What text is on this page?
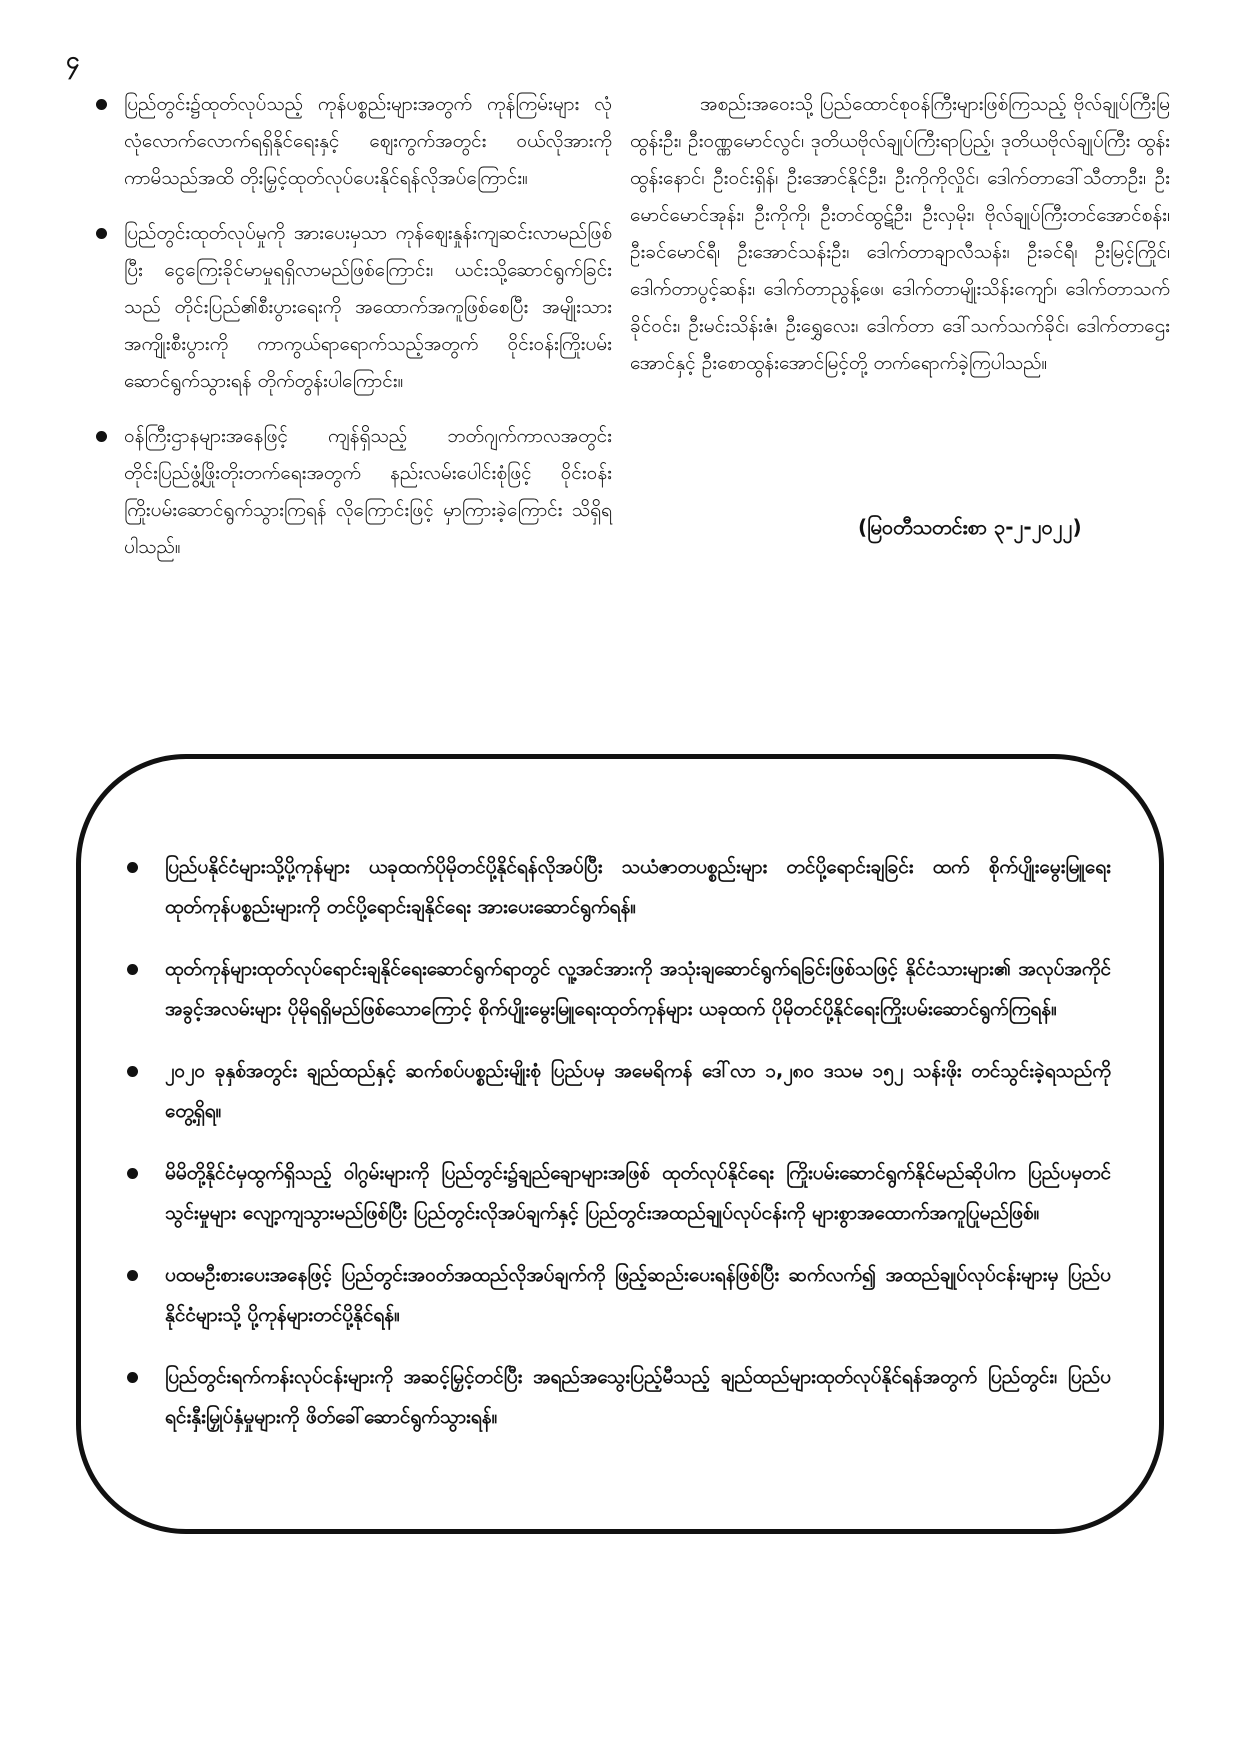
၄
ပြည်တွင်း၌ထုတ်လုပ်သည့် ကုန်ပစ္စည်းများအတွက် ကုန်ကြမ်းများ လုံလုံလောက်လောက်ရရှိနိုင်ရေးနှင့် ဈေးကွက်အတွင်း ဝယ်လိုအားကို ကာမိသည်အထိ တိုးမြှင့်ထုတ်လုပ်ပေးနိုင်ရန်လိုအပ်ကြောင်း။
ပြည်တွင်းထုတ်လုပ်မှုကို အားပေးမှသာ ကုန်ဈေးနှုန်းကျဆင်းလာမည်ဖြစ်ပြီး ငွေကြေးခိုင်မာမှုရရှိလာမည်ဖြစ်ကြောင်း၊ ယင်းသို့ဆောင်ရွက်ခြင်းသည် တိုင်းပြည်၏စီးပွားရေးကို အထောက်အကူဖြစ်စေပြီး အမျိုးသားအကျိုးစီးပွားကို ကာကွယ်ရာရောက်သည့်အတွက် ဝိုင်းဝန်းကြိုးပမ်းဆောင်ရွက်သွားရန် တိုက်တွန်းပါကြောင်း။
ဝန်ကြီးဌာနများအနေဖြင့် ကျန်ရှိသည့် ဘတ်ဂျက်ကာလအတွင်း တိုင်းပြည်ဖွံ့ဖြိုးတိုးတက်ရေးအတွက် နည်းလမ်းပေါင်းစုံဖြင့် ဝိုင်းဝန်းကြိုးပမ်းဆောင်ရွက်သွားကြရန် လိုကြောင်းဖြင့် မှာကြားခဲ့ကြောင်း သိရှိရပါသည်။

အစည်းအဝေးသို့ ပြည်ထောင်စုဝန်ကြီးများဖြစ်ကြသည့် ဗိုလ်ချုပ်ကြီးမြထွန်းဦး၊ ဦးဝဏ္ဏမောင်လွင်၊ ဒုတိယဗိုလ်ချုပ်ကြီးရာပြည့်၊ ဒုတိယဗိုလ်ချုပ်ကြီး ထွန်းထွန်းနောင်၊ ဦးဝင်းရှိန်၊ ဦးအောင်နိုင်ဦး၊ ဦးကိုကိုလှိုင်၊ ဒေါက်တာဒေါ်သီတာဦး၊ ဦးမောင်မောင်အုန်း၊ ဦးကိုကို၊ ဦးတင်ထွဋ်ဦး၊ ဦးလှမိုး၊ ဗိုလ်ချုပ်ကြီးတင်အောင်စန်း၊ ဦးခင်မောင်ရီ၊ ဦးအောင်သန်းဦး၊ ဒေါက်တာချာလီသန်း၊ ဦးခင်ရီ၊ ဦးမြင့်ကြိုင်၊ ဒေါက်တာပွင့်ဆန်း၊ ဒေါက်တာညွန့်ဖေ၊ ဒေါက်တာမျိုးသိန်းကျော်၊ ဒေါက်တာသက်ခိုင်ဝင်း၊ ဦးမင်းသိန်းဇံ၊ ဦးရွှေလေး၊ ဒေါက်တာ ဒေါ်သက်သက်ခိုင်၊ ဒေါက်တာဌေးအောင်နှင့် ဦးစောထွန်းအောင်မြင့်တို့ တက်ရောက်ခဲ့ကြပါသည်။

(မြဝတီသတင်းစာ ၃-၂-၂၀၂၂)
ပြည်ပနိုင်ငံများသို့ပို့ကုန်များ ယခုထက်ပိုမိုတင်ပို့နိုင်ရန်လိုအပ်ပြီး သယံဇာတပစ္စည်းများ တင်ပို့ရောင်းချခြင်း ထက် စိုက်ပျိုးမွေးမြူရေးထုတ်ကုန်ပစ္စည်းများကို တင်ပို့ရောင်းချနိုင်ရေး အားပေးဆောင်ရွက်ရန်။
ထုတ်ကုန်များထုတ်လုပ်ရောင်းချနိုင်ရေးဆောင်ရွက်ရာတွင် လူ့အင်အားကို အသုံးချဆောင်ရွက်ရခြင်းဖြစ်သဖြင့် နိုင်ငံသားများ၏ အလုပ်အကိုင်အခွင့်အလမ်းများ ပိုမိုရရှိမည်ဖြစ်သောကြောင့် စိုက်ပျိုးမွေးမြူရေးထုတ်ကုန်များ ယခုထက် ပိုမိုတင်ပို့နိုင်ရေးကြိုးပမ်းဆောင်ရွက်ကြရန်။
၂၀၂၀ ခုနှစ်အတွင်း ချည်ထည်နှင့် ဆက်စပ်ပစ္စည်းမျိုးစုံ ပြည်ပမှ အမေရိကန် ဒေါ်လာ ၁,၂၈၀ ဒသမ ၁၅၂ သန်းဖိုး တင်သွင်းခဲ့ရသည်ကို တွေ့ရှိရ။
မိမိတို့နိုင်ငံမှထွက်ရှိသည့် ဝါဂွမ်းများကို ပြည်တွင်း၌ချည်ချောများအဖြစ် ထုတ်လုပ်နိုင်ရေး ကြိုးပမ်းဆောင်ရွက်နိုင်မည်ဆိုပါက ပြည်ပမှတင်သွင်းမှုများ လျော့ကျသွားမည်ဖြစ်ပြီး ပြည်တွင်းလိုအပ်ချက်နှင့် ပြည်တွင်းအထည်ချုပ်လုပ်ငန်းကို များစွာအထောက်အကူပြုမည်ဖြစ်။
ပထမဦးစားပေးအနေဖြင့် ပြည်တွင်းအဝတ်အထည်လိုအပ်ချက်ကို ဖြည့်ဆည်းပေးရန်ဖြစ်ပြီး ဆက်လက်၍ အထည်ချုပ်လုပ်ငန်းများမှ ပြည်ပနိုင်ငံများသို့ ပို့ကုန်များတင်ပို့နိုင်ရန်။
ပြည်တွင်းရက်ကန်းလုပ်ငန်းများကို အဆင့်မြှင့်တင်ပြီး အရည်အသွေးပြည့်မီသည့် ချည်ထည်များထုတ်လုပ်နိုင်ရန်အတွက် ပြည်တွင်း၊ ပြည်ပရင်းနှီးမြှုပ်နှံမှုများကို ဖိတ်ခေါ်ဆောင်ရွက်သွားရန်။
